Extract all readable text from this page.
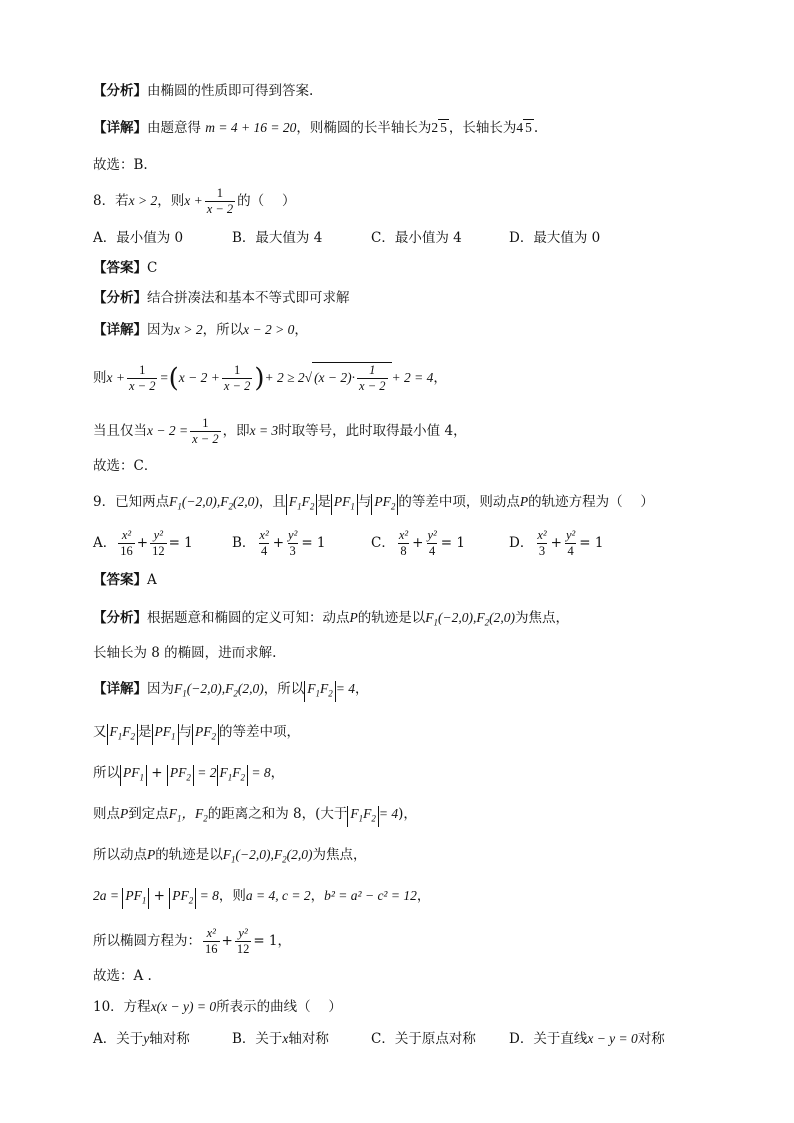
【分析】由椭圆的性质即可得到答案.
【详解】由题意得 m = 4 + 16 = 20，则椭圆的长半轴长为2 5 ，长轴长为4 5 .
故选：B.
8．若x > 2，则$x + \frac{1}{x - 2}$ 的（　 ）
A．最小值为 0	B．最大值为 4	C．最小值为 4	D．最大值为 0
【答案】C
【分析】结合拼凑法和基本不等式即可求解
【详解】因为x > 2，所以x − 2 > 0，
则$x + \frac{1}{x - 2} =(x - 2 + \frac{1}{x - 2}$ )+ 2 ≥ 2√ $(x - 2)\cdot \frac{1}{x - 2} + 2 = 4$，
当且仅当$x - 2 = \frac{1}{x - 2}$ ，即x = 3时取等号，此时取得最小值 4，
故选：C．
9．已知两点$F_1(-2,0),F_2(2,0)$，且 $F_1F_2$ 是 $PF_1$ 与 $PF_2$ 的等差中项，则动点P的轨迹方程为（　 ）
A． $\frac{\text{x²}}{16} + \frac{\text{y²}}{12} = 1$	B． $\frac{\text{x²}}{4} + \frac{\text{y²}}{3} = 1$	C． $\frac{\text{x²}}{8} + \frac{\text{y²}}{4} = 1$	D． $\frac{\text{x²}}{3} + \frac{\text{y²}}{4} = 1$
【答案】A
【分析】根据题意和椭圆的定义可知：动点P的轨迹是以$F_1(-2,0),F_2(2,0)$为焦点，
长轴长为 8 的椭圆，进而求解.
【详解】因为$F_1(-2,0),F_2(2,0)$，所以 $F_1F_2 = 4$，
又 $F_1F_2$ 是 $PF_1$ 与 $PF_2$ 的等差中项，
所以 $PF_1 + PF_2 = 2$ $F_1F_2 = 8$，
则点P到定点$F_1$，$F_2$的距离之和为 8，(大于 $F_1F_2 = 4$)，
所以动点P的轨迹是以$F_1(-2,0),F_2(2,0)$为焦点，
$2a = PF_1 + PF_2 = 8$，则a = 4, c = 2，b² = a² − c² = 12，
所以椭圆方程为： $\frac{\text{x²}}{16} + \frac{\text{y²}}{12} = 1$，
故选：A .
10．方程x(x − y) = 0所表示的曲线（　 ）
A．关于y轴对称	B．关于x轴对称	C．关于原点对称 D．关于直线x − y = 0对称
